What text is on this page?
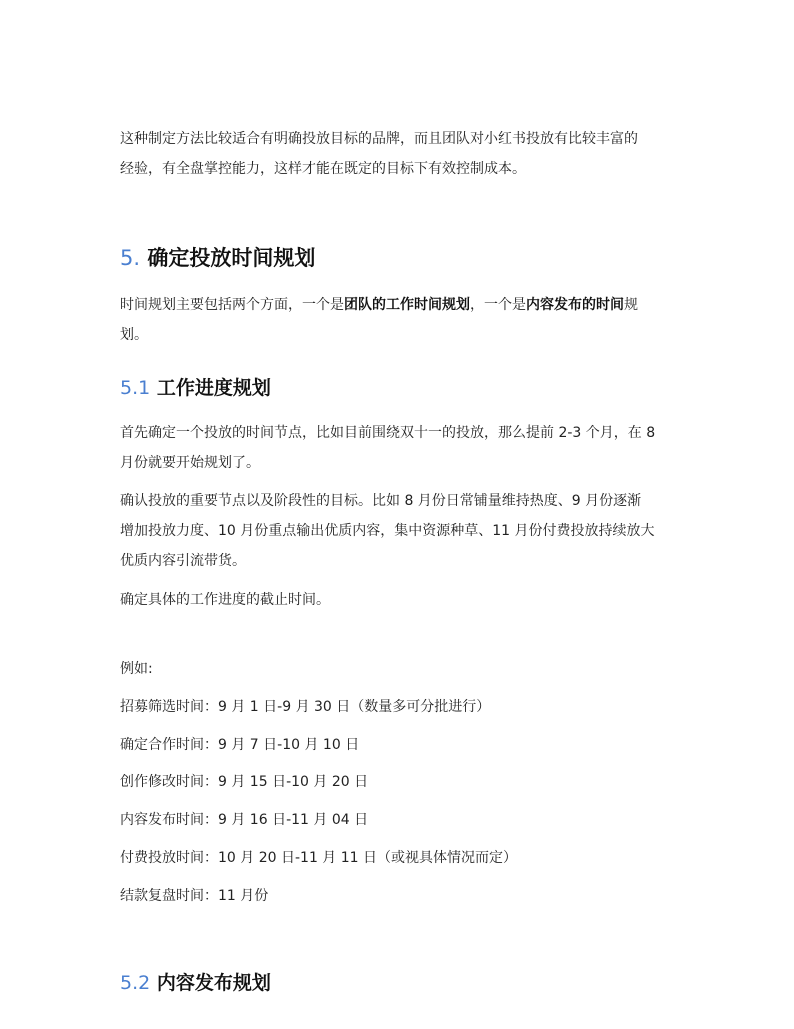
这种制定方法比较适合有明确投放目标的品牌，而且团队对小红书投放有比较丰富的
经验，有全盘掌控能力，这样才能在既定的目标下有效控制成本。

5. 确定投放时间规划

时间规划主要包括两个方面，一个是团队的工作时间规划，一个是内容发布的时间规
划。

5.1 工作进度规划

首先确定一个投放的时间节点，比如目前围绕双十一的投放，那么提前 2-3 个月，在 8
月份就要开始规划了。

确认投放的重要节点以及阶段性的目标。比如 8 月份日常铺量维持热度、9 月份逐渐
增加投放力度、10 月份重点输出优质内容，集中资源种草、11 月份付费投放持续放大
优质内容引流带货。

确定具体的工作进度的截止时间。

例如:

招募筛选时间：9 月 1 日-9 月 30 日（数量多可分批进行）

确定合作时间：9 月 7 日-10 月 10 日

创作修改时间：9 月 15 日-10 月 20 日

内容发布时间：9 月 16 日-11 月 04 日

付费投放时间：10 月 20 日-11 月 11 日（或视具体情况而定）

结款复盘时间：11 月份

5.2 内容发布规划
